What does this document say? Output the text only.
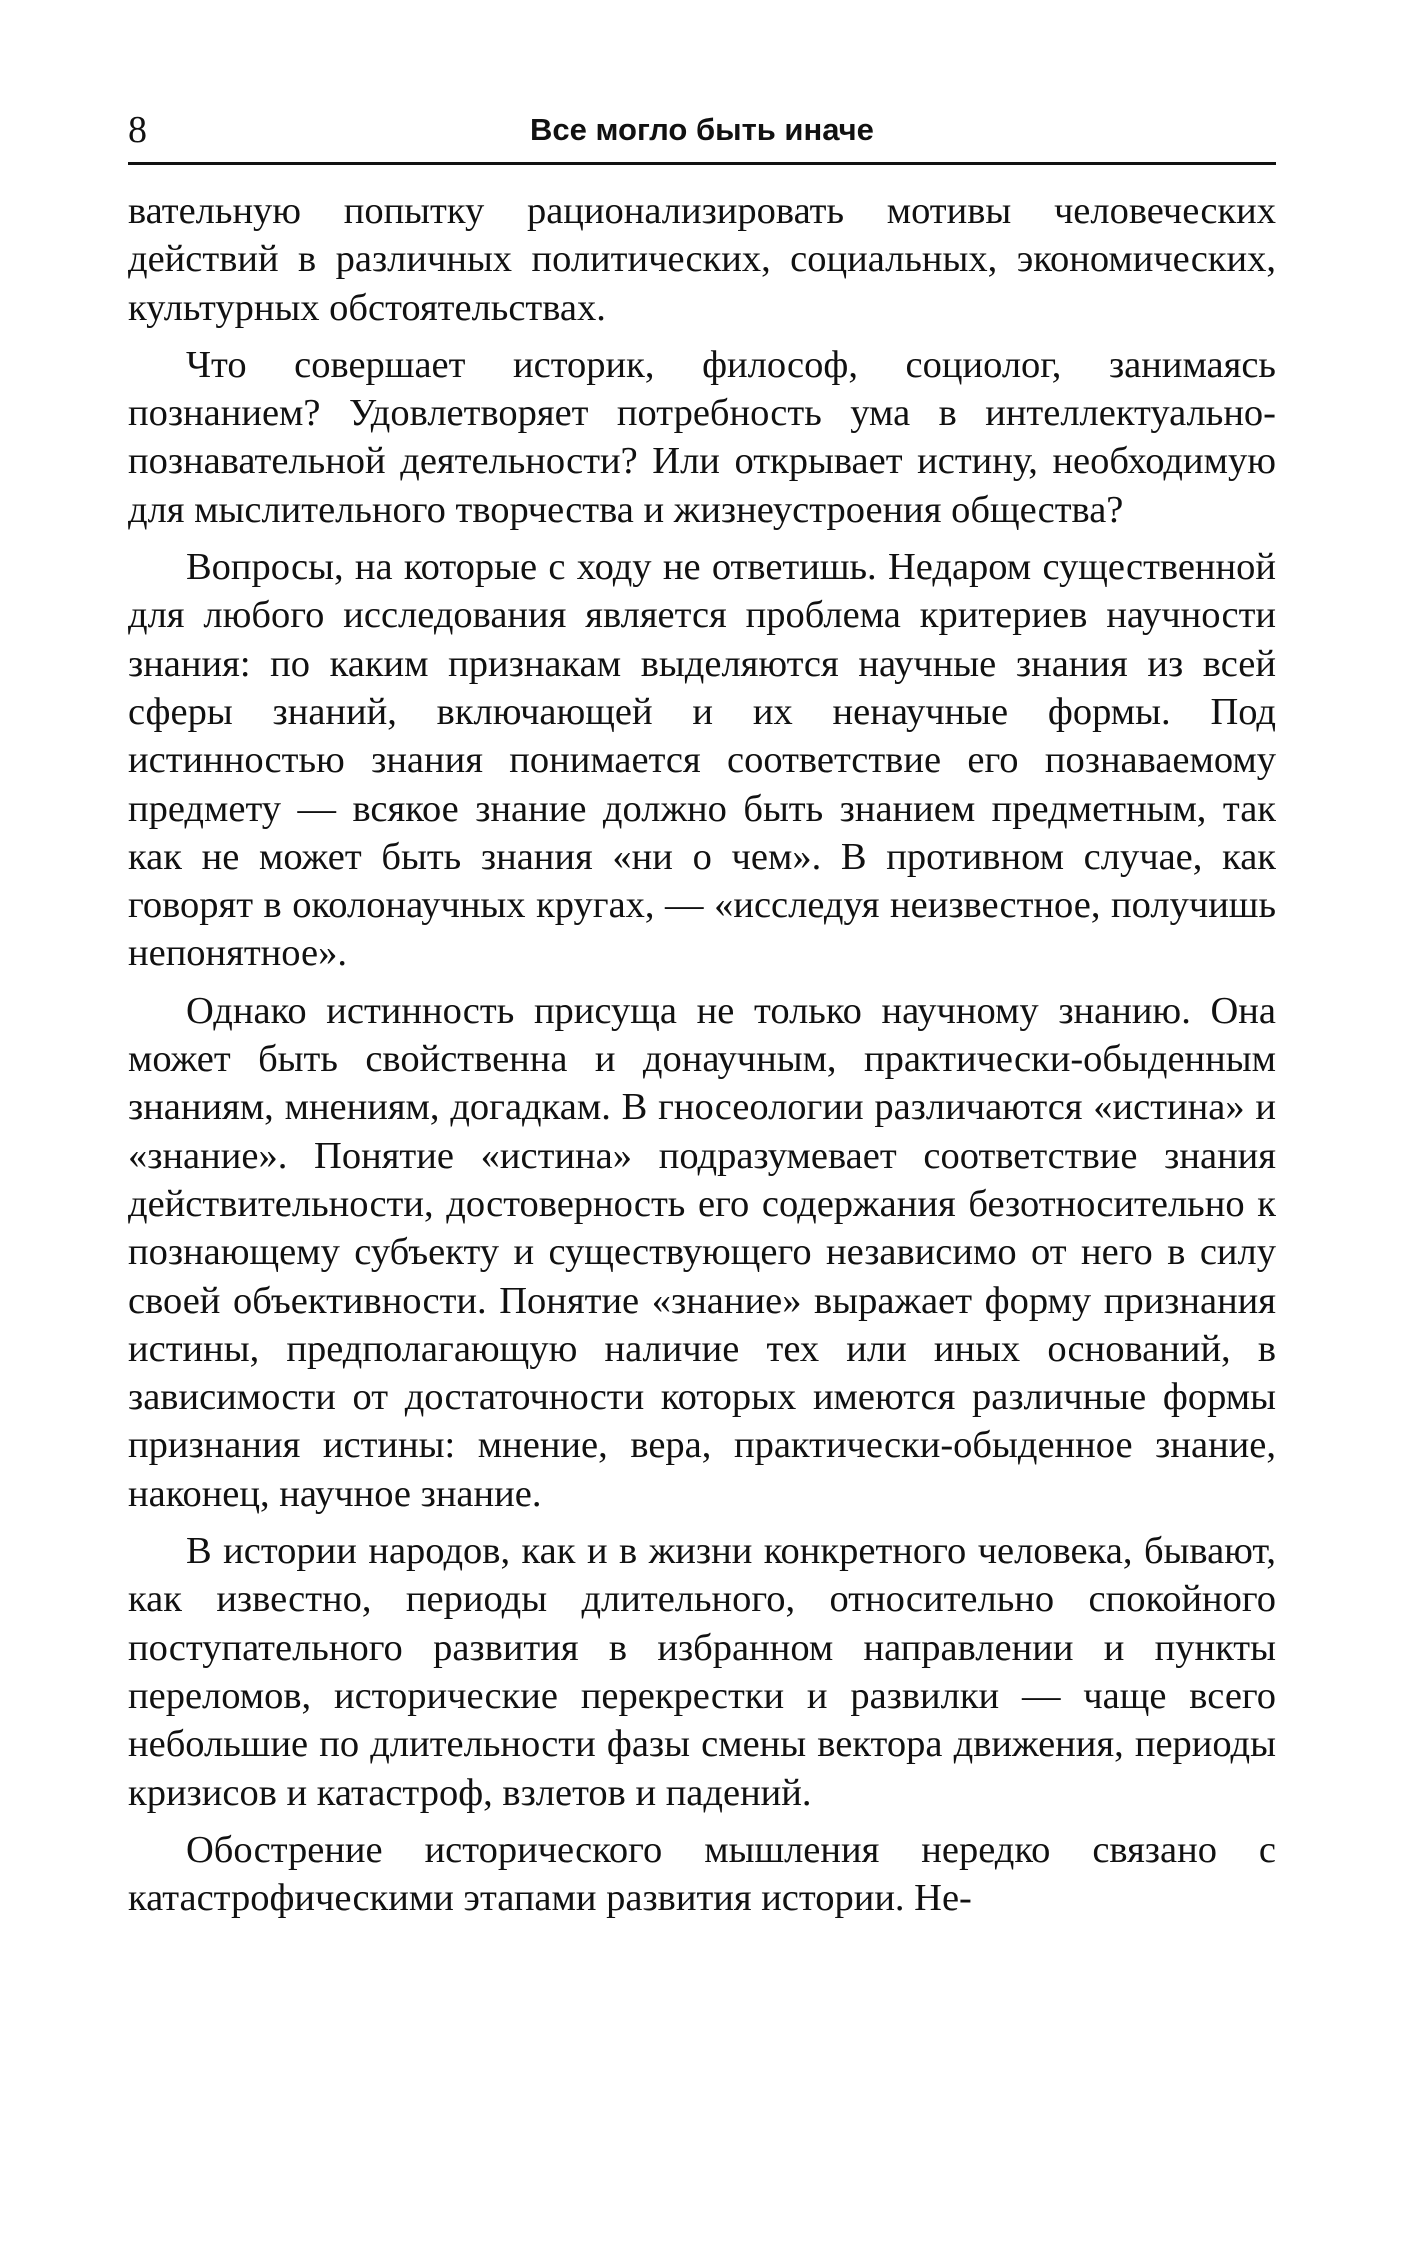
8	Все могло быть иначе

вательную попытку рационализировать мотивы человеческих действий в различных политических, социальных, экономических, культурных обстоятельствах.

Что совершает историк, философ, социолог, занимаясь познанием? Удовлетворяет потребность ума в интеллектуально-познавательной деятельности? Или открывает истину, необходимую для мыслительного творчества и жизнеустроения общества?

Вопросы, на которые с ходу не ответишь. Недаром существенной для любого исследования является проблема критериев научности знания: по каким признакам выделяются научные знания из всей сферы знаний, включающей и их ненаучные формы. Под истинностью знания понимается соответствие его познаваемому предмету — всякое знание должно быть знанием предметным, так как не может быть знания «ни о чем». В противном случае, как говорят в околонаучных кругах, — «исследуя неизвестное, получишь непонятное».

Однако истинность присуща не только научному знанию. Она может быть свойственна и донаучным, практически-обыденным знаниям, мнениям, догадкам. В гносеологии различаются «истина» и «знание». Понятие «истина» подразумевает соответствие знания действительности, достоверность его содержания безотносительно к познающему субъекту и существующего независимо от него в силу своей объективности. Понятие «знание» выражает форму признания истины, предполагающую наличие тех или иных оснований, в зависимости от достаточности которых имеются различные формы признания истины: мнение, вера, практически-обыденное знание, наконец, научное знание.

В истории народов, как и в жизни конкретного человека, бывают, как известно, периоды длительного, относительно спокойного поступательного развития в избранном направлении и пункты переломов, исторические перекрестки и развилки — чаще всего небольшие по длительности фазы смены вектора движения, периоды кризисов и катастроф, взлетов и падений.

Обострение исторического мышления нередко связано с катастрофическими этапами развития истории. Не-
